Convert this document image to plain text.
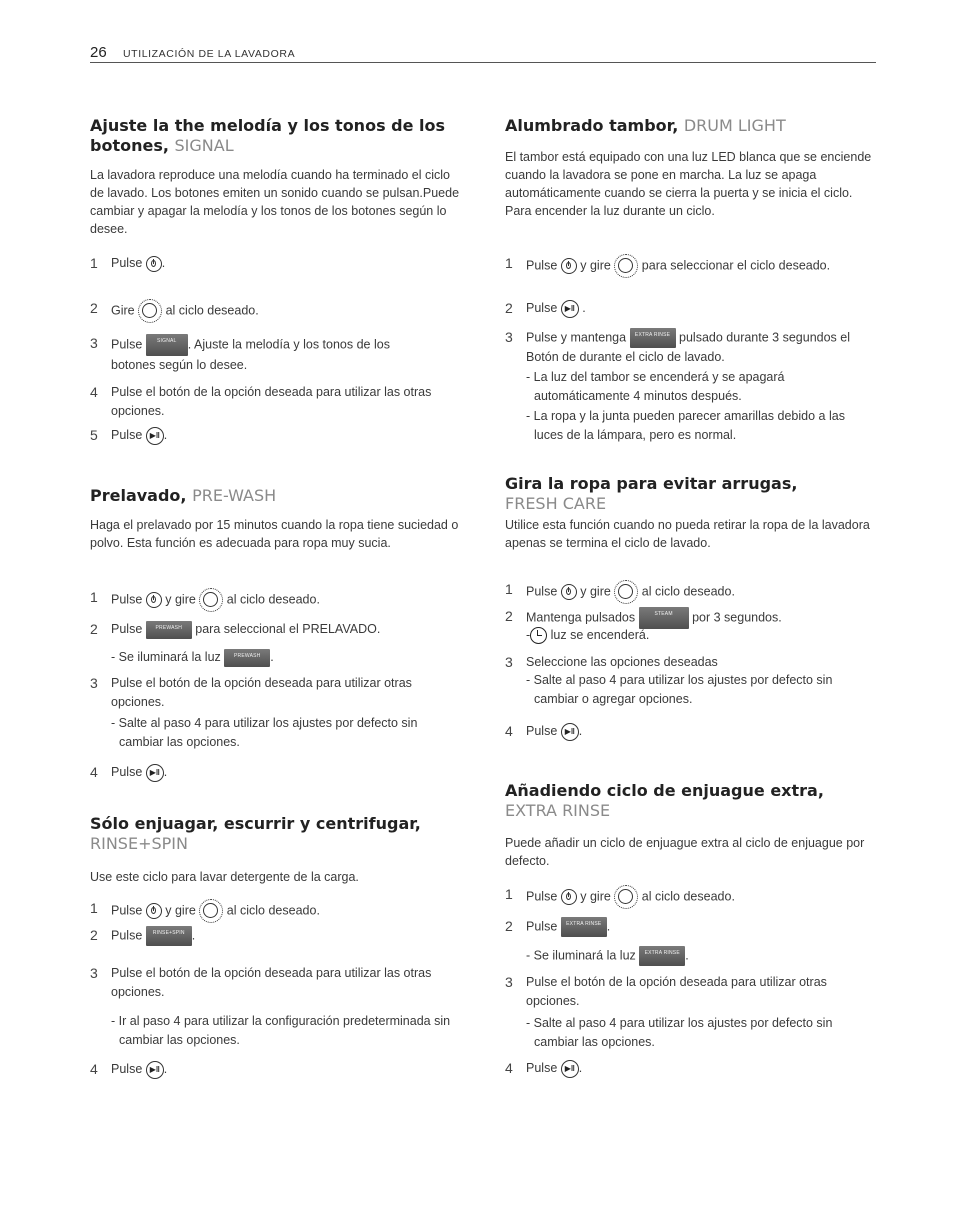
26 UTILIZACIÓN DE LA LAVADORA
Ajuste la the melodía y los tonos de los botones, SIGNAL

La lavadora reproduce una melodía cuando ha terminado el ciclo de lavado. Los botones emiten un sonido cuando se pulsan.Puede cambiar y apagar la melodía y los tonos de los botones según lo desee.

1 Pulse .
2 Gire al ciclo deseado.
3 Pulse	SIGNAL . Ajuste la melodía y los tonos de los
botones según lo desee.
4 Pulse el botón de la opción deseada para utilizar las otras opciones.
5 Pulse ▶‖ .
Prelavado, PRE-WASH

Haga el prelavado por 15 minutos cuando la ropa tiene suciedad o polvo. Esta función es adecuada para ropa muy sucia.

1 Pulse y gire al ciclo deseado.
2 Pulse	PREWASH para seleccional el PRELAVADO.
- Se iluminará la luz	PREWASH .
3 Pulse el botón de la opción deseada para utilizar otras opciones.
- Salte al paso 4 para utilizar los ajustes por defecto sin cambiar las opciones.
4 Pulse ▶‖ .
Sólo enjuagar, escurrir y centrifugar,
RINSE+SPIN

Use este ciclo para lavar detergente de la carga.

1 Pulse y gire al ciclo deseado.
2 Pulse RINSE+SPIN .
3 Pulse el botón de la opción deseada para utilizar las otras opciones.
- Ir al paso 4 para utilizar la configuración predeterminada sin cambiar las opciones.
4 Pulse ▶‖ .
Alumbrado tambor, DRUM LIGHT

El tambor está equipado con una luz LED blanca que se enciende cuando la lavadora se pone en marcha. La luz se apaga automáticamente cuando se cierra la puerta y se inicia el ciclo. Para encender la luz durante un ciclo.

1 Pulse y gire para seleccionar el ciclo deseado.
2 Pulse ▶‖ .
3 Pulse y mantenga EXTRA RINSE pulsado durante 3 segundos el
Botón de durante el ciclo de lavado.
- La luz del tambor se encenderá y se apagará automáticamente 4 minutos después.
- La ropa y la junta pueden parecer amarillas debido a las luces de la lámpara, pero es normal.
Gira la ropa para evitar arrugas,
FRESH CARE

Utilice esta función cuando no pueda retirar la ropa de la lavadora apenas se termina el ciclo de lavado.

1 Pulse y gire al ciclo deseado.
2 Mantenga pulsados	STEAM por 3 segundos.
- luz se encenderá.
3 Seleccione las opciones deseadas
- Salte al paso 4 para utilizar los ajustes por defecto sin cambiar o agregar opciones.
4 Pulse ▶‖ .
Añadiendo ciclo de enjuague extra,
EXTRA RINSE

Puede añadir un ciclo de enjuague extra al ciclo de enjuague por defecto.

1 Pulse y gire al ciclo deseado.
2 Pulse EXTRA RINSE .
- Se iluminará la luz EXTRA RINSE .
3 Pulse el botón de la opción deseada para utilizar otras opciones.
- Saltе al paso 4 para utilizar los ajustes por defecto sin cambiar las opciones.
4 Pulse ▶‖ .
